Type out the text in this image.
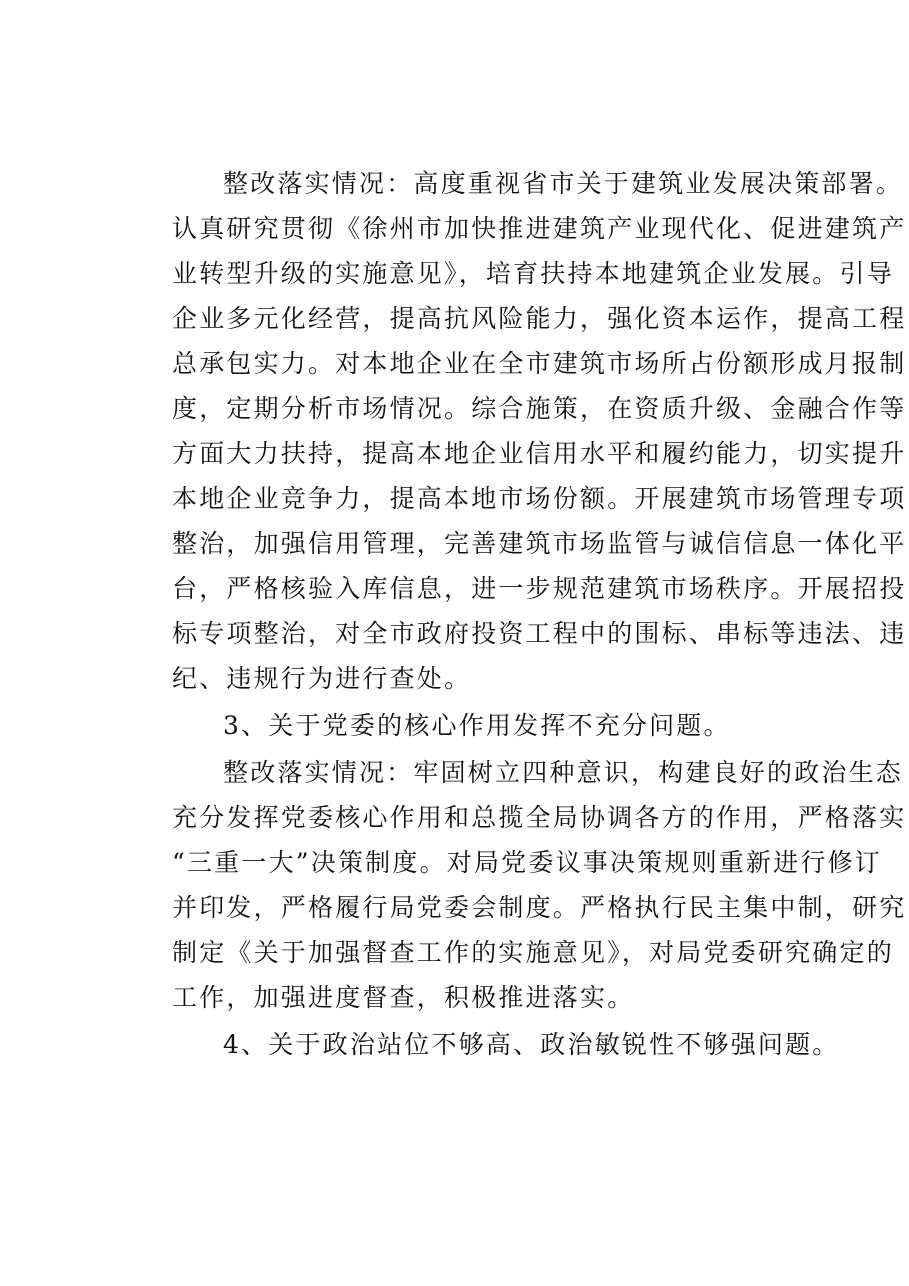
整改落实情况：高度重视省市关于建筑业发展决策部署。
认真研究贯彻《徐州市加快推进建筑产业现代化、促进建筑产
业转型升级的实施意见》，培育扶持本地建筑企业发展。引导
企业多元化经营，提高抗风险能力，强化资本运作，提高工程
总承包实力。对本地企业在全市建筑市场所占份额形成月报制
度，定期分析市场情况。综合施策，在资质升级、金融合作等
方面大力扶持，提高本地企业信用水平和履约能力，切实提升
本地企业竞争力，提高本地市场份额。开展建筑市场管理专项
整治，加强信用管理，完善建筑市场监管与诚信信息一体化平
台，严格核验入库信息，进一步规范建筑市场秩序。开展招投
标专项整治，对全市政府投资工程中的围标、串标等违法、违
纪、违规行为进行查处。
3、关于党委的核心作用发挥不充分问题。
整改落实情况：牢固树立四种意识，构建良好的政治生态
充分发挥党委核心作用和总揽全局协调各方的作用，严格落实
“三重一大”决策制度。对局党委议事决策规则重新进行修订
并印发，严格履行局党委会制度。严格执行民主集中制，研究
制定《关于加强督查工作的实施意见》，对局党委研究确定的
工作，加强进度督查，积极推进落实。
4、关于政治站位不够高、政治敏锐性不够强问题。
